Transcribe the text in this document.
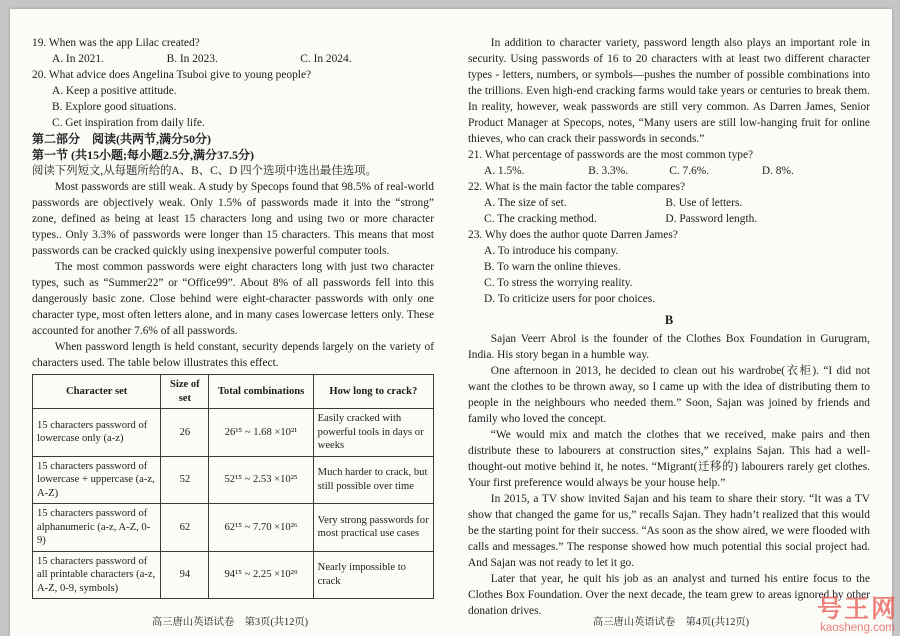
19. When was the app Lilac created?
A. In 2021.	B. In 2023.	C. In 2024.
20. What advice does Angelina Tsuboi give to young people?
A. Keep a positive attitude.
B. Explore good situations.
C. Get inspiration from daily life.
第二部分　阅读(共两节,满分50分)
第一节 (共15小题;每小题2.5分,满分37.5分)
阅读下列短文,从每题所给的A、B、C、D 四个选项中选出最佳选项。

Most passwords are still weak. A study by Specops found that 98.5% of real-world passwords are objectively weak. Only 1.5% of passwords made it into the “strong” zone, defined as being at least 15 characters long and using two or more character types.. Only 3.3% of passwords were longer than 15 characters. This means that most passwords can be cracked quickly using inexpensive powerful computer tools.

The most common passwords were eight characters long with just two character types, such as “Summer22” or “Office99”. About 8% of all passwords fell into this dangerously basic zone. Close behind were eight-character passwords with only one character type, most often letters alone, and in many cases lowercase letters only. These accounted for another 7.6% of all passwords.

When password length is held constant, security depends largely on the variety of characters used. The table below illustrates this effect.

Character set	Size of set	Total combinations	How long to crack?
15 characters password of lowercase only (a-z)	26	26¹⁵ ~ 1.68 ×10²¹	Easily cracked with powerful tools in days or weeks
15 characters password of lowercase + uppercase (a-z, A-Z)	52	52¹⁵ ~ 2.53 ×10²⁵	Much harder to crack, but still possible over time
15 characters password of alphanumeric (a-z, A-Z, 0-9)	62	62¹⁵ ~ 7.70 ×10²⁶	Very strong passwords for most practical use cases
15 characters password of all printable characters (a-z, A-Z, 0-9, symbols)	94	94¹⁵ ~ 2.25 ×10²⁹	Nearly impossible to crack
高三唐山英语试卷　第3页(共12页)

In addition to character variety, password length also plays an important role in security. Using passwords of 16 to 20 characters with at least two different character types - letters, numbers, or symbols—pushes the number of possible combinations into the trillions. Even high-end cracking farms would take years or centuries to break them. In reality, however, weak passwords are still very common. As Darren James, Senior Product Manager at Specops, notes, “Many users are still low-hanging fruit for online thieves, who can crack their passwords in seconds.”

21. What percentage of passwords are the most common type?
A. 1.5%.	B. 3.3%.	C. 7.6%.	D. 8%.
22. What is the main factor the table compares?
A. The size of set.	B. Use of letters.
C. The cracking method.	D. Password length.
23. Why does the author quote Darren James?
A. To introduce his company.
B. To warn the online thieves.
C. To stress the worrying reality.
D. To criticize users for poor choices.
B

Sajan Veerr Abrol is the founder of the Clothes Box Foundation in Gurugram, India. His story began in a humble way.

One afternoon in 2013, he decided to clean out his wardrobe(衣柜). “I did not want the clothes to be thrown away, so I came up with the idea of distributing them to people in the neighbours who needed them.” Soon, Sajan was joined by friends and family who loved the concept.

“We would mix and match the clothes that we received, make pairs and then distribute these to labourers at construction sites,” explains Sajan. This had a well-thought-out motive behind it, he notes. “Migrant(迁移的) labourers rarely get clothes. Your first preference would always be your house help.”

In 2015, a TV show invited Sajan and his team to share their story. “It was a TV show that changed the game for us,” recalls Sajan. They hadn’t realized that this would be the starting point for their success. “As soon as the show aired, we were flooded with calls and messages.” The response showed how much potential this social project had. And Sajan was not ready to let it go.

Later that year, he quit his job as an analyst and turned his entire focus to the Clothes Box Foundation. Over the next decade, the team grew to areas ignored by other donation drives.

高三唐山英语试卷　第4页(共12页)	号王网
kaosheng.com
